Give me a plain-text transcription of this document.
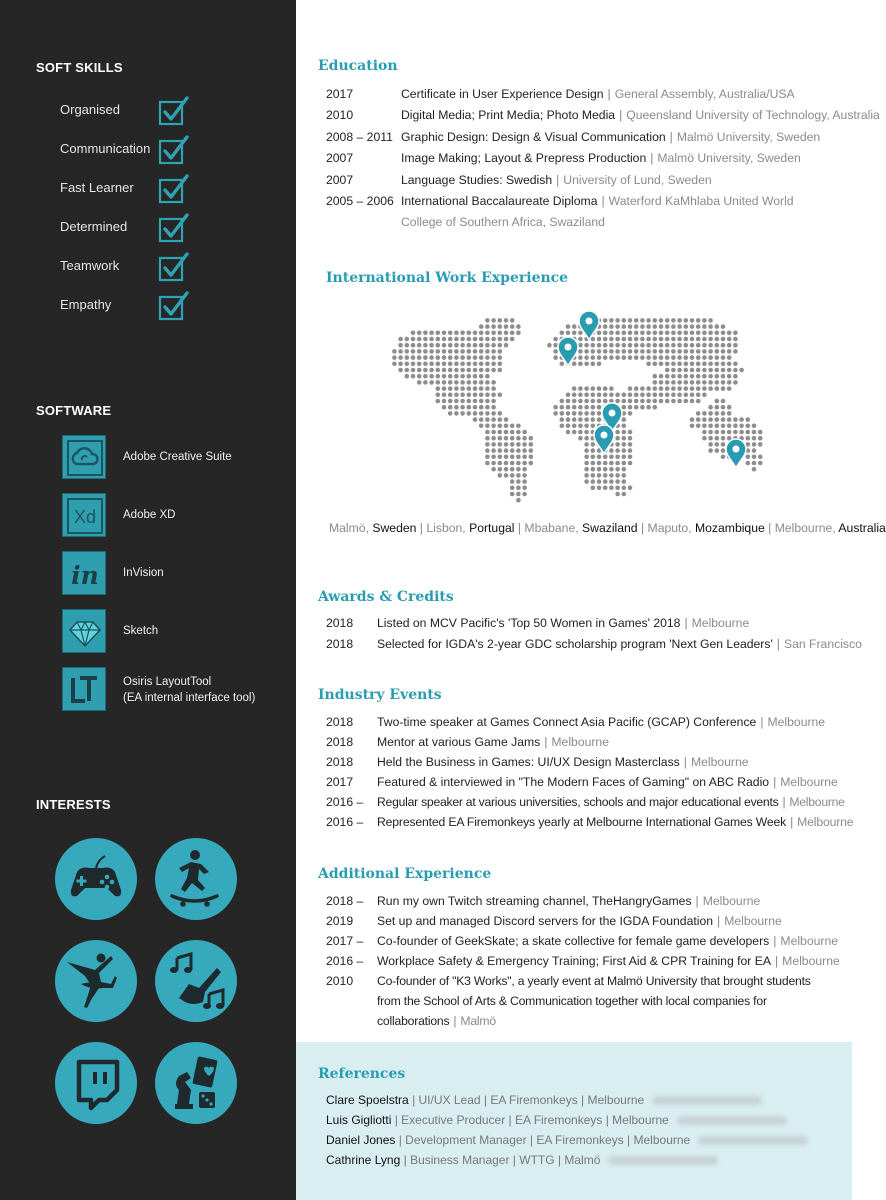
SOFT SKILLS
Organised
Communication
Fast Learner
Determined
Teamwork
Empathy
SOFTWARE
Adobe Creative Suite
Xd Adobe XD
in InVision
Sketch
Osiris LayoutTool
(EA internal interface tool)
INTERESTS
Education
2017	Certificate in User Experience Design | General Assembly, Australia/USA
2010	Digital Media; Print Media; Photo Media | Queensland University of Technology, Australia
2008 – 2011 Graphic Design: Design & Visual Communication | Malmö University, Sweden
2007	Image Making; Layout & Prepress Production | Malmö University, Sweden
2007	Language Studies: Swedish | University of Lund, Sweden
2005 – 2006 International Baccalaureate Diploma | Waterford KaMhlaba United World College of Southern Africa, Swaziland
International Work Experience
Malmö, Sweden | Lisbon, Portugal | Mbabane, Swaziland | Maputo, Mozambique | Melbourne, Australia
Awards & Credits
2018 Listed on MCV Pacific's 'Top 50 Women in Games' 2018 | Melbourne
2018 Selected for IGDA's 2-year GDC scholarship program 'Next Gen Leaders' | San Francisco
Industry Events
2018 Two-time speaker at Games Connect Asia Pacific (GCAP) Conference | Melbourne
2018 Mentor at various Game Jams | Melbourne
2018 Held the Business in Games: UI/UX Design Masterclass | Melbourne
2017 Featured & interviewed in "The Modern Faces of Gaming" on ABC Radio | Melbourne
2016 – Regular speaker at various universities, schools and major educational events | Melbourne
2016 – Represented EA Firemonkeys yearly at Melbourne International Games Week | Melbourne
Additional Experience
2018 – Run my own Twitch streaming channel, TheHangryGames | Melbourne
2019 Set up and managed Discord servers for the IGDA Foundation | Melbourne
2017 – Co-founder of GeekSkate; a skate collective for female game developers | Melbourne
2016 – Workplace Safety & Emergency Training; First Aid & CPR Training for EA | Melbourne
2010 Co-founder of "K3 Works", a yearly event at Malmö University that brought students from the School of Arts & Communication together with local companies for collaborations | Malmö
References
Clare Spoelstra | UI/UX Lead | EA Firemonkeys | Melbourne
Luis Gigliotti | Executive Producer | EA Firemonkeys | Melbourne
Daniel Jones | Development Manager | EA Firemonkeys | Melbourne
Cathrine Lyng | Business Manager | WTTG | Malmö
